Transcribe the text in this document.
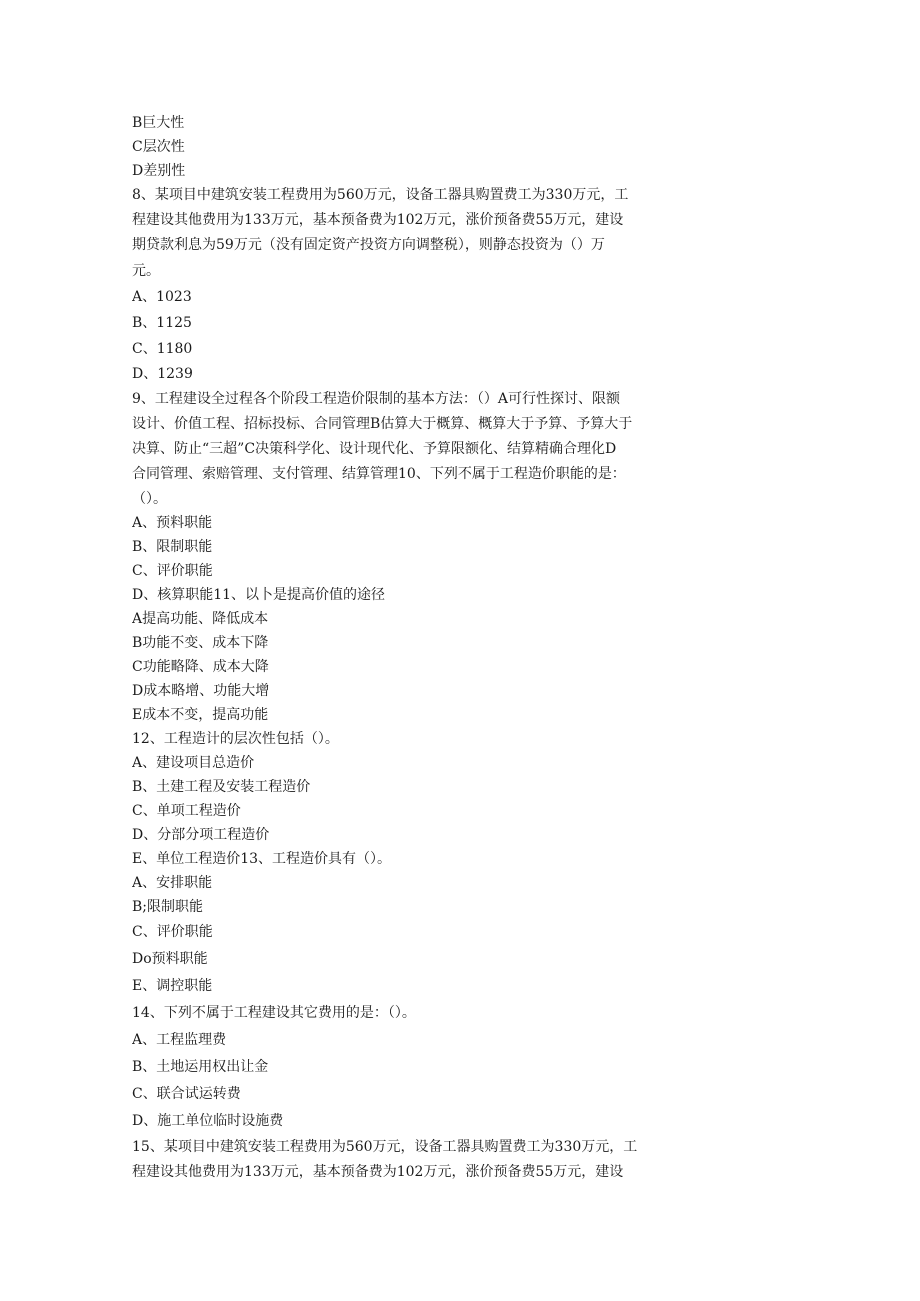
B巨大性
C层次性
D差别性
8、某项目中建筑安装工程费用为560万元，设备工器具购置费工为330万元，工
程建设其他费用为133万元，基本预备费为102万元，涨价预备费55万元，建设
期贷款利息为59万元（没有固定资产投资方向调整税），则静态投资为（）万
元。
A、1023
B、1125
C、1180
D、1239
9、工程建设全过程各个阶段工程造价限制的基本方法：（）A可行性探讨、限额
设计、价值工程、招标投标、合同管理B估算大于概算、概算大于予算、予算大于
决算、防止“三超”C决策科学化、设计现代化、予算限额化、结算精确合理化D
合同管理、索赔管理、支付管理、结算管理10、下列不属于工程造价职能的是：
（）。
A、预料职能
B、限制职能
C、评价职能
D、核算职能11、以卜是提高价值的途径
A提高功能、降低成本
B功能不变、成本下降
C功能略降、成本大降
D成本略增、功能大增
E成本不变，提高功能
12、工程造计的层次性包括（）。
A、建设项目总造价
B、土建工程及安装工程造价
C、单项工程造价
D、分部分项工程造价
E、单位工程造价13、工程造价具有（）。
A、安排职能
B;限制职能
C、评价职能
Do预料职能
E、调控职能
14、下列不属于工程建设其它费用的是：（）。
A、工程监理费
B、土地运用权出让金
C、联合试运转费
D、施工单位临时设施费
15、某项目中建筑安装工程费用为560万元，设备工器具购置费工为330万元，工
程建设其他费用为133万元，基本预备费为102万元，涨价预备费55万元，建设
